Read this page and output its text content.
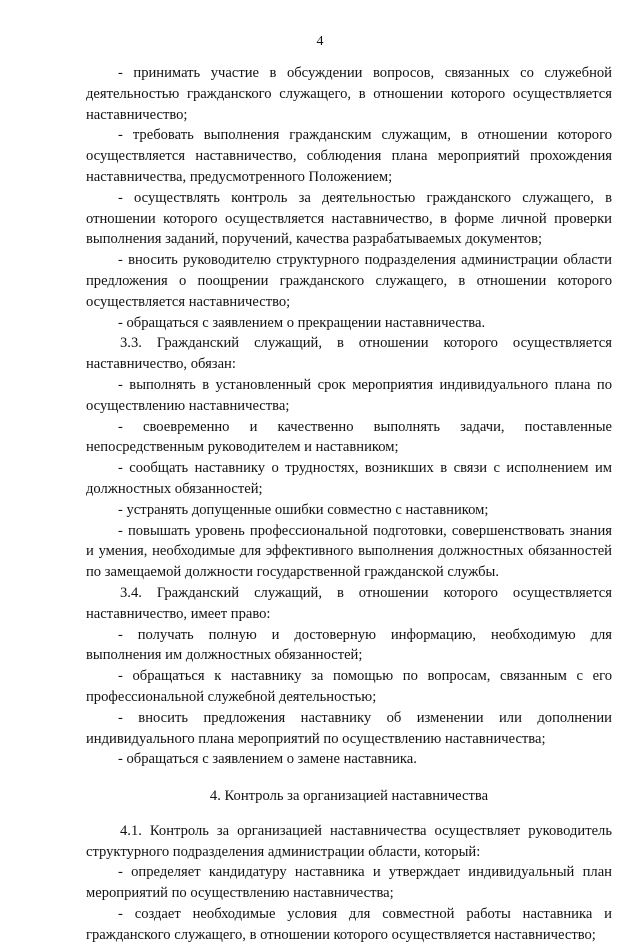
4

- принимать участие в обсуждении вопросов, связанных со служебной деятельностью гражданского служащего, в отношении которого осуществляется наставничество;

- требовать выполнения гражданским служащим, в отношении которого осуществляется наставничество, соблюдения плана мероприятий прохождения наставничества, предусмотренного Положением;

- осуществлять контроль за деятельностью гражданского служащего, в отношении которого осуществляется наставничество, в форме личной проверки выполнения заданий, поручений, качества разрабатываемых документов;

- вносить руководителю структурного подразделения администрации области предложения о поощрении гражданского служащего, в отношении которого осуществляется наставничество;

- обращаться с заявлением о прекращении наставничества.

3.3. Гражданский служащий, в отношении которого осуществляется наставничество, обязан:

- выполнять в установленный срок мероприятия индивидуального плана по осуществлению наставничества;

- своевременно и качественно выполнять задачи, поставленные непосредственным руководителем и наставником;

- сообщать наставнику о трудностях, возникших в связи с исполнением им должностных обязанностей;

- устранять допущенные ошибки совместно с наставником;

- повышать уровень профессиональной подготовки, совершенствовать знания и умения, необходимые для эффективного выполнения должностных обязанностей по замещаемой должности государственной гражданской службы.

3.4. Гражданский служащий, в отношении которого осуществляется наставничество, имеет право:

- получать полную и достоверную информацию, необходимую для выполнения им должностных обязанностей;

- обращаться к наставнику за помощью по вопросам, связанным с его профессиональной служебной деятельностью;

- вносить предложения наставнику об изменении или дополнении индивидуального плана мероприятий по осуществлению наставничества;

- обращаться с заявлением о замене наставника.

4. Контроль за организацией наставничества

4.1. Контроль за организацией наставничества осуществляет руководитель структурного подразделения администрации области, который:

- определяет кандидатуру наставника и утверждает индивидуальный план мероприятий по осуществлению наставничества;

- создает необходимые условия для совместной работы наставника и гражданского служащего, в отношении которого осуществляется наставничество;
